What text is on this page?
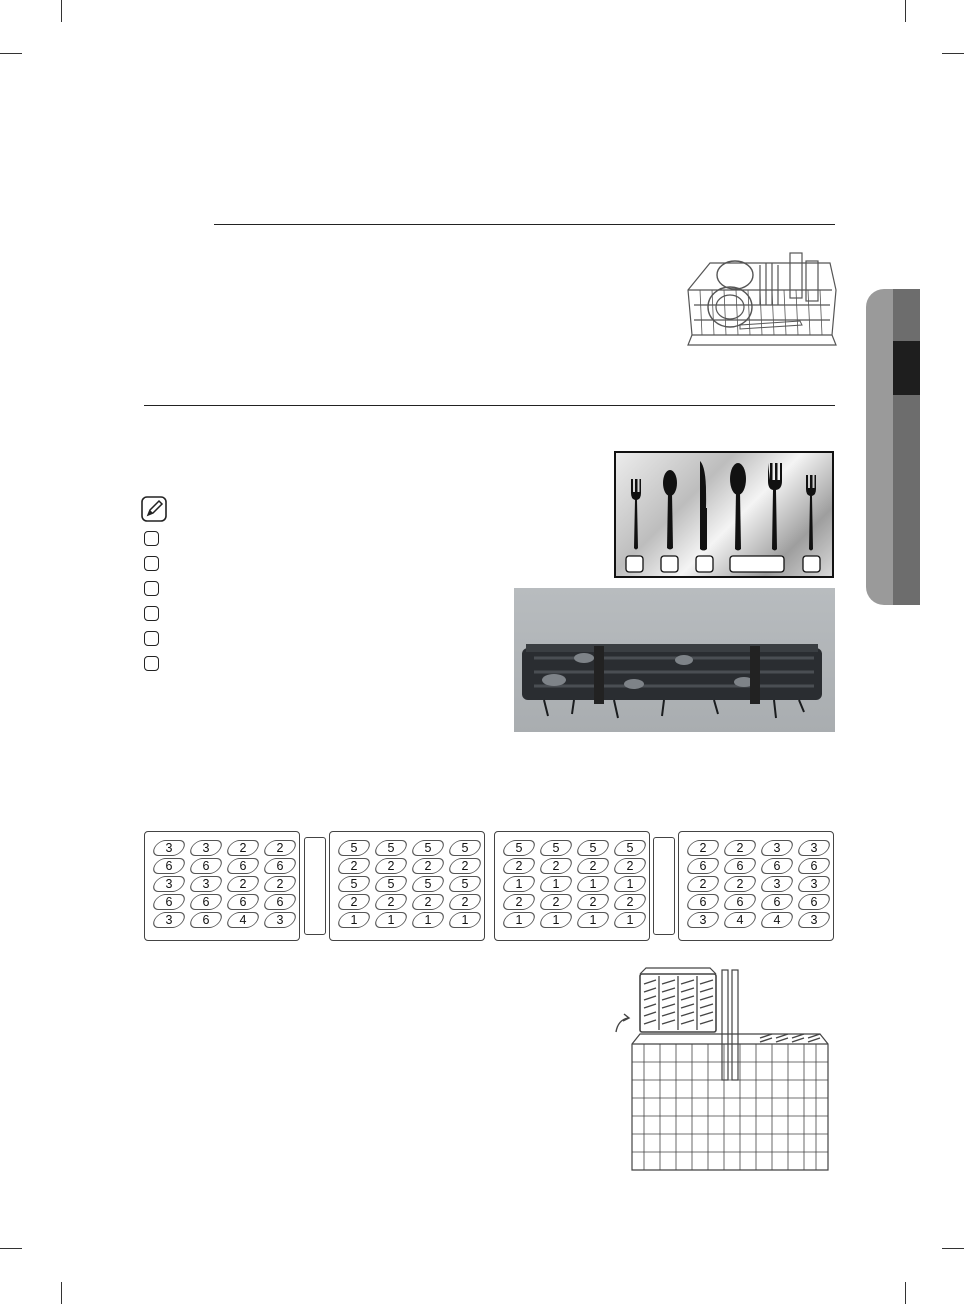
3	3	2	2
6	6	6	6
3	3	2	2
6	6	6	6
3	6	4	3
5	5	5	5
2	2	2	2
5	5	5	5
2	2	2	2
1	1	1	1
5	5	5	5
2	2	2	2
1	1	1	1
2	2	2	2
1	1	1	1
2	2	3	3
6	6	6	6
2	2	3	3
6	6	6	6
3	4	4	3
